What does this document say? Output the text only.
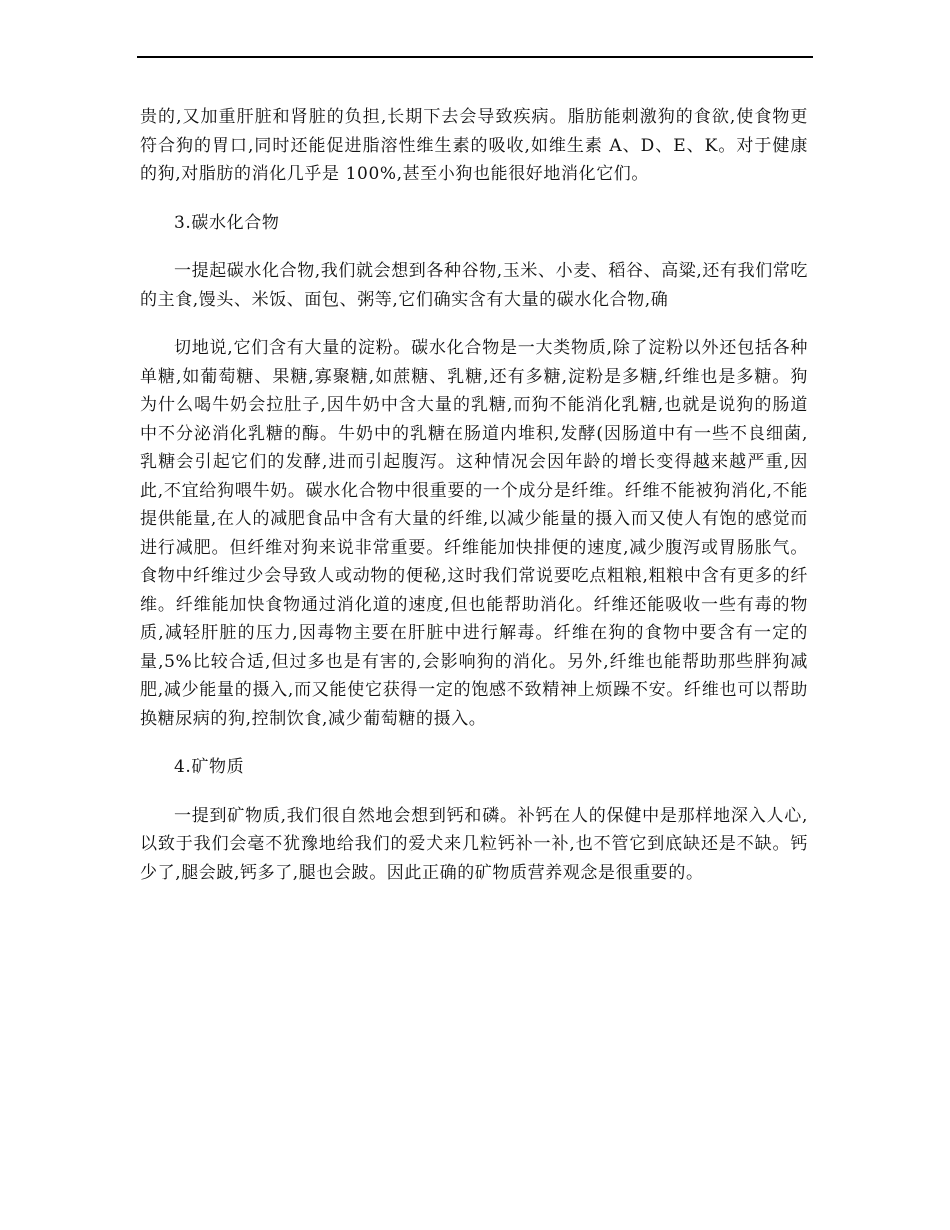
贵的,又加重肝脏和肾脏的负担,长期下去会导致疾病。脂肪能刺激狗的食欲,使食物更符合狗的胃口,同时还能促进脂溶性维生素的吸收,如维生素 A、D、E、K。对于健康的狗,对脂肪的消化几乎是 100%,甚至小狗也能很好地消化它们。

3.碳水化合物

一提起碳水化合物,我们就会想到各种谷物,玉米、小麦、稻谷、高粱,还有我们常吃的主食,馒头、米饭、面包、粥等,它们确实含有大量的碳水化合物,确

切地说,它们含有大量的淀粉。碳水化合物是一大类物质,除了淀粉以外还包括各种单糖,如葡萄糖、果糖,寡聚糖,如蔗糖、乳糖,还有多糖,淀粉是多糖,纤维也是多糖。狗为什么喝牛奶会拉肚子,因牛奶中含大量的乳糖,而狗不能消化乳糖,也就是说狗的肠道中不分泌消化乳糖的酶。牛奶中的乳糖在肠道内堆积,发酵(因肠道中有一些不良细菌,乳糖会引起它们的发酵,进而引起腹泻。这种情况会因年龄的增长变得越来越严重,因此,不宜给狗喂牛奶。碳水化合物中很重要的一个成分是纤维。纤维不能被狗消化,不能提供能量,在人的减肥食品中含有大量的纤维,以减少能量的摄入而又使人有饱的感觉而进行减肥。但纤维对狗来说非常重要。纤维能加快排便的速度,减少腹泻或胃肠胀气。食物中纤维过少会导致人或动物的便秘,这时我们常说要吃点粗粮,粗粮中含有更多的纤维。纤维能加快食物通过消化道的速度,但也能帮助消化。纤维还能吸收一些有毒的物质,减轻肝脏的压力,因毒物主要在肝脏中进行解毒。纤维在狗的食物中要含有一定的量,5%比较合适,但过多也是有害的,会影响狗的消化。另外,纤维也能帮助那些胖狗减肥,减少能量的摄入,而又能使它获得一定的饱感不致精神上烦躁不安。纤维也可以帮助换糖尿病的狗,控制饮食,减少葡萄糖的摄入。

4.矿物质

一提到矿物质,我们很自然地会想到钙和磷。补钙在人的保健中是那样地深入人心,以致于我们会毫不犹豫地给我们的爱犬来几粒钙补一补,也不管它到底缺还是不缺。钙少了,腿会跛,钙多了,腿也会跛。因此正确的矿物质营养观念是很重要的。
